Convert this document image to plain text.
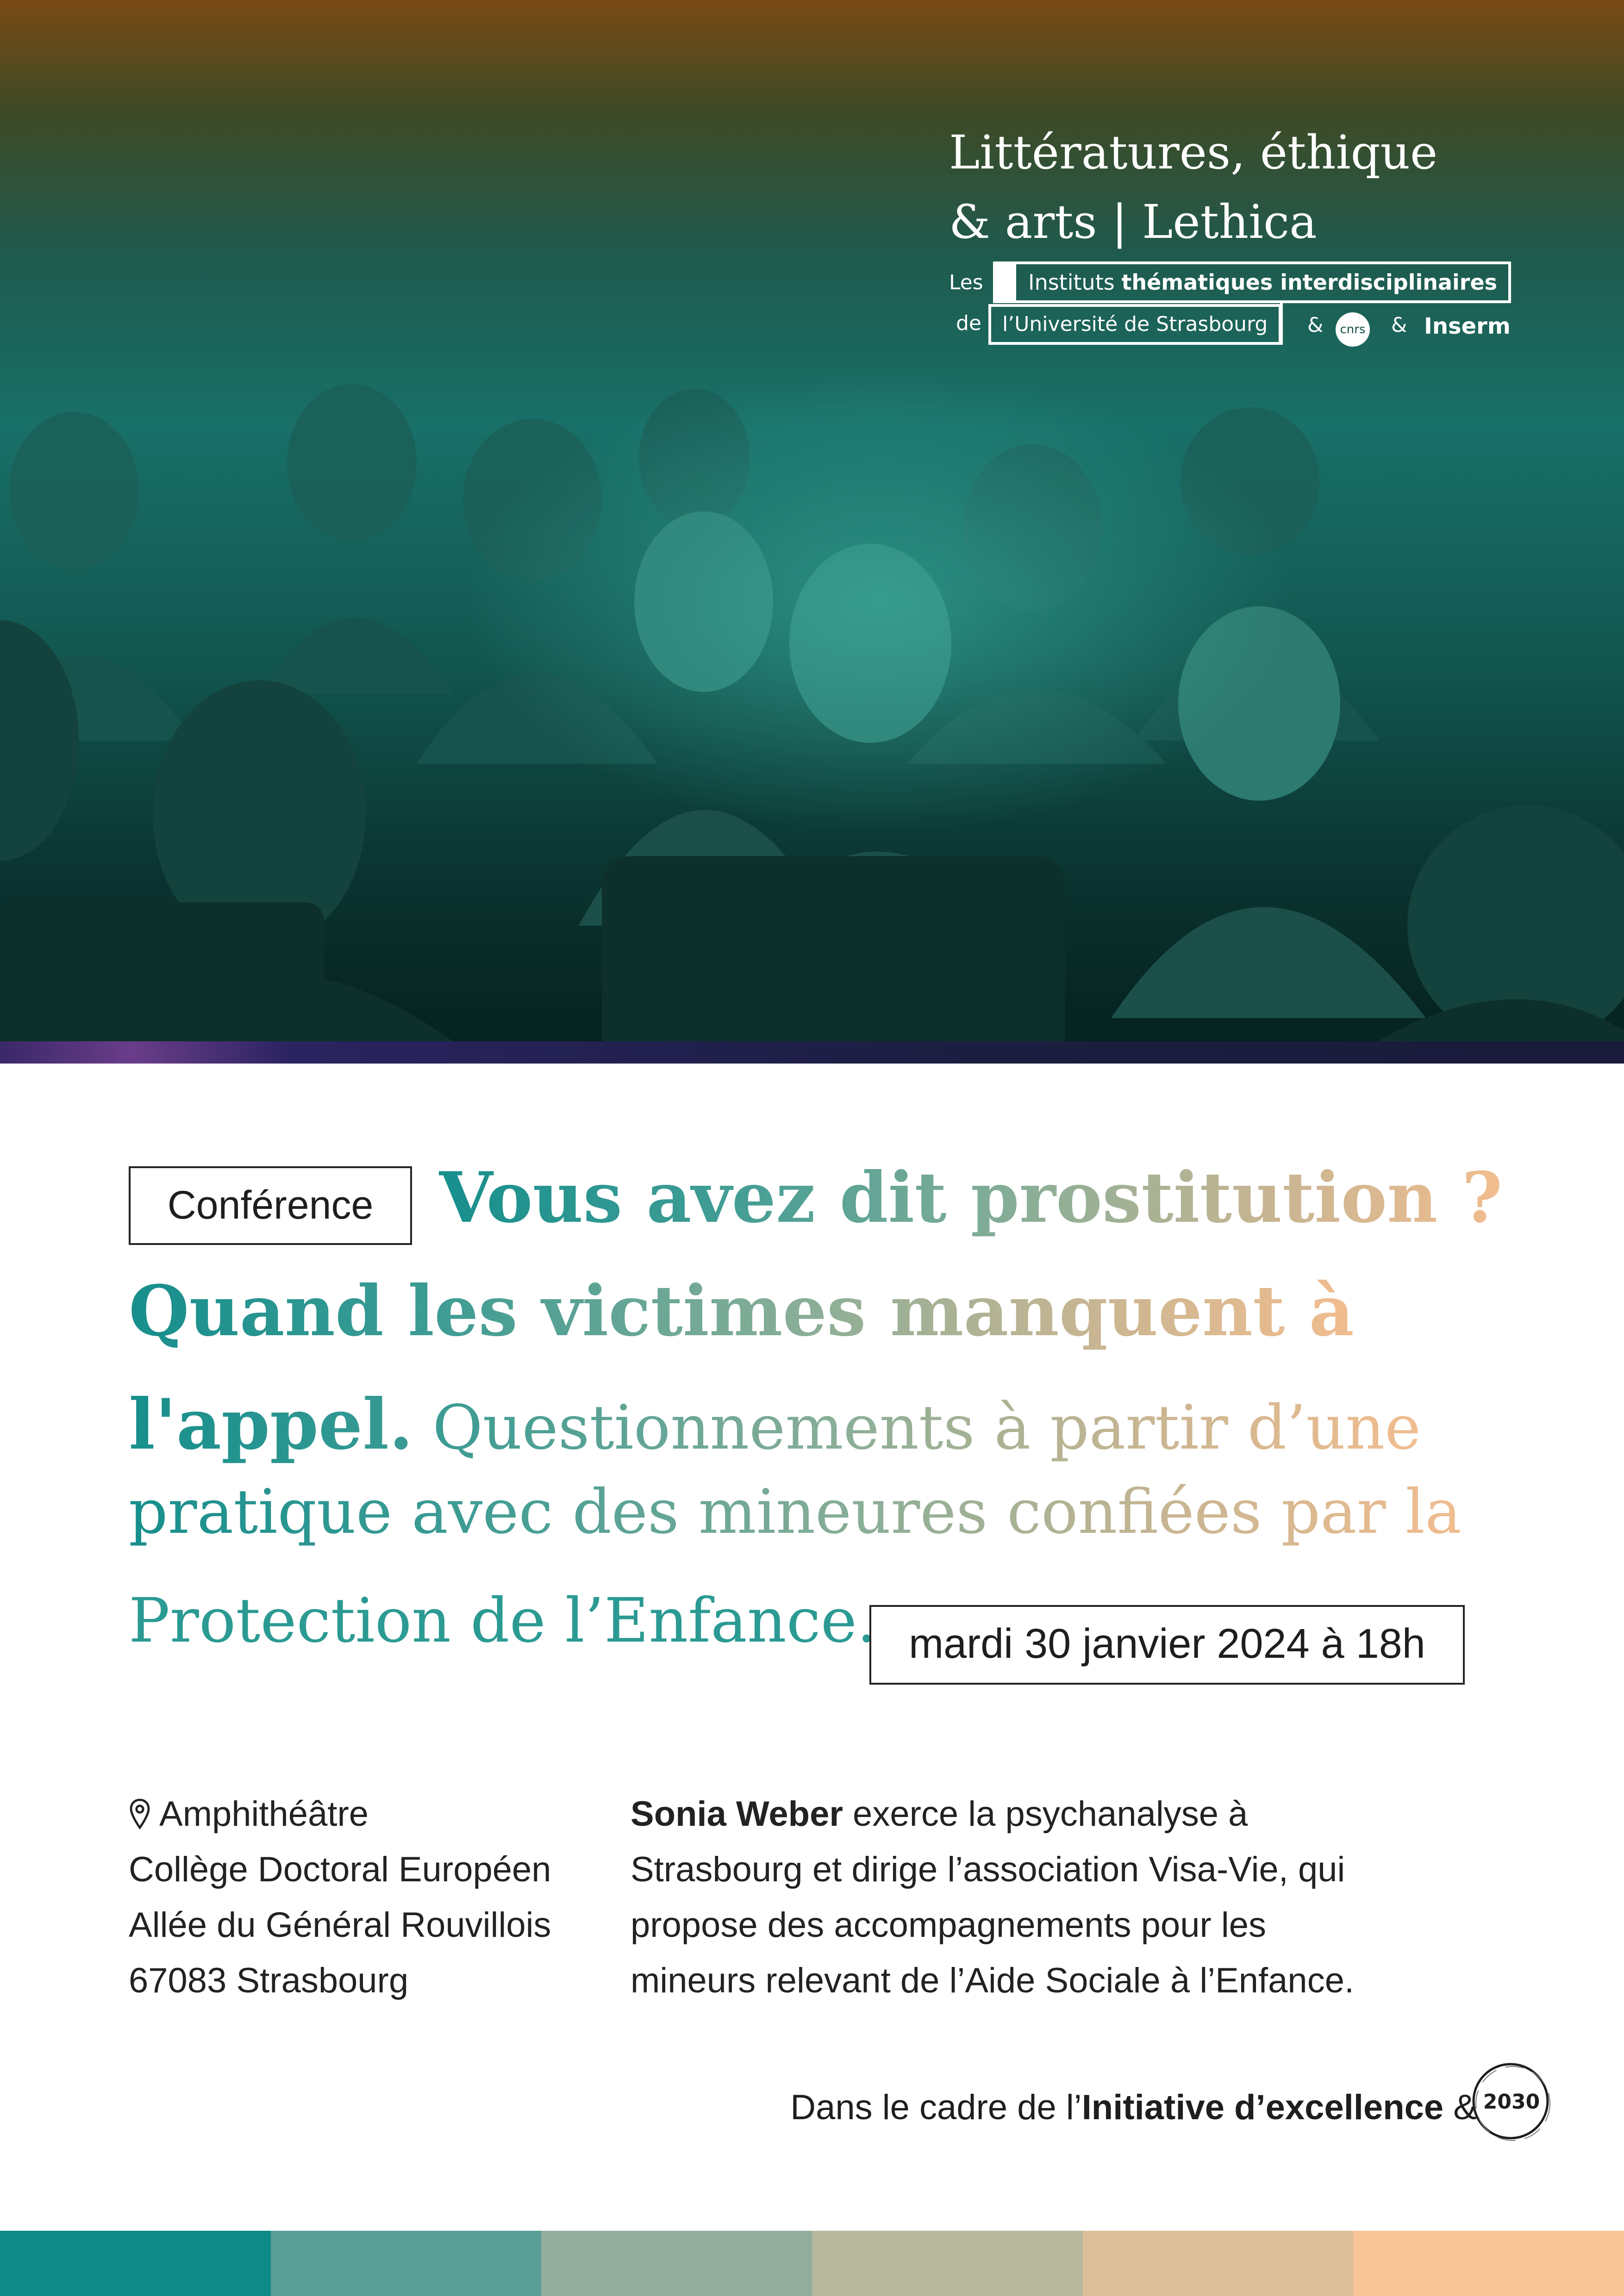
Littératures, éthique
& arts | Lethica
Les
de
Instituts thématiques interdisciplinaires
l’Université de Strasbourg	&	cnrs & Inserm
Conférence Vous avez dit prostitution ?
Quand les victimes manquent à
l'appel. Questionnements à partir d’une
pratique avec des mineures confiées par la
Protection de l’Enfance. mardi 30 janvier 2024 à 18h
Amphithéâtre
Collège Doctoral Européen
Allée du Général Rouvillois
67083 Strasbourg
Sonia Weber exerce la psychanalyse à
Strasbourg et dirige l’association Visa-Vie, qui
propose des accompagnements pour les
mineurs relevant de l’Aide Sociale à l’Enfance.
Dans le cadre de l’Initiative d’excellence & 2030
